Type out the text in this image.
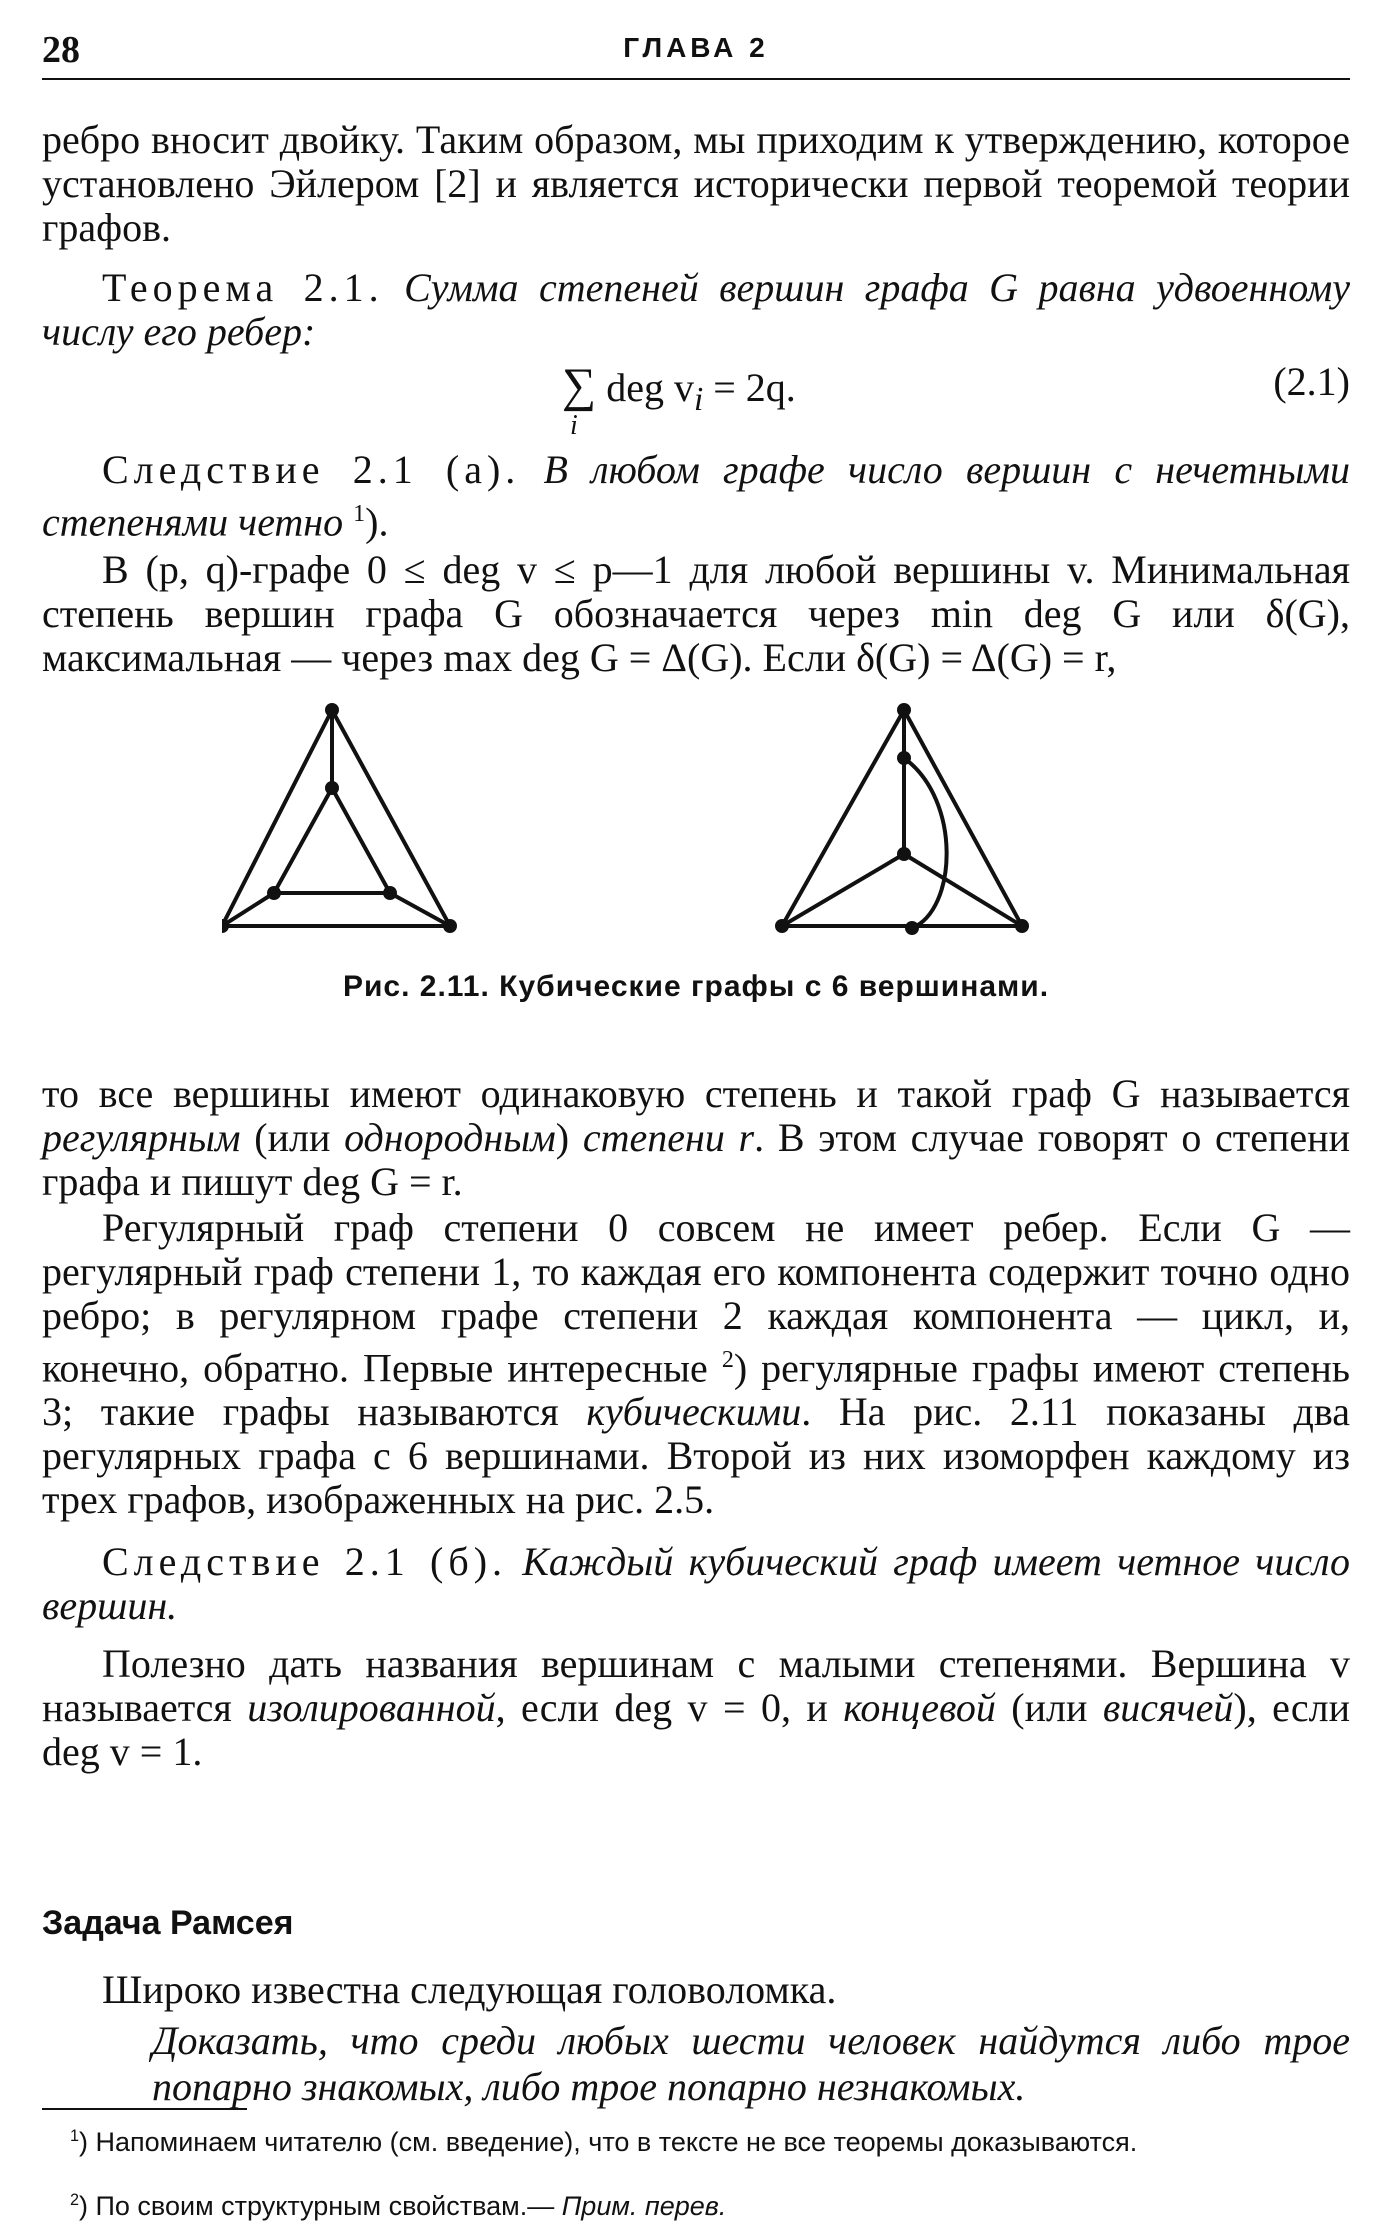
28	ГЛАВА 2
ребро вносит двойку. Таким образом, мы приходим к утверждению, которое установлено Эйлером [2] и является исторически первой теоремой теории графов.
Теорема 2.1. Сумма степеней вершин графа G равна удвоенному числу его ребер:
∑
i
deg $v_i = 2q$.	(2.1)
Следствие 2.1 (а). В любом графе число вершин с нечетными степенями четно $^1$).
В (p, q)-графе 0 ≤ deg v ≤ p—1 для любой вершины v. Минимальная степень вершин графа G обозначается через min deg G или δ(G), максимальная — через max deg G = Δ(G). Если δ(G) = Δ(G) = r,
Рис. 2.11. Кубические графы с 6 вершинами.
то все вершины имеют одинаковую степень и такой граф G называется регулярным (или однородным) степени r. В этом случае говорят о степени графа и пишут deg G = r.
Регулярный граф степени 0 совсем не имеет ребер. Если G — регулярный граф степени 1, то каждая его компонента содержит точно одно ребро; в регулярном графе степени 2 каждая компонента — цикл, и, конечно, обратно. Первые интересные $^2$) регулярные графы имеют степень 3; такие графы называются кубическими. На рис. 2.11 показаны два регулярных графа с 6 вершинами. Второй из них изоморфен каждому из трех графов, изображенных на рис. 2.5.
Следствие 2.1 (б). Каждый кубический граф имеет четное число вершин.
Полезно дать названия вершинам с малыми степенями. Вершина v называется изолированной, если deg v = 0, и концевой (или висячей), если deg v = 1.
Задача Рамсея
Широко известна следующая головоломка.
Доказать, что среди любых шести человек найдутся либо трое попарно знакомых, либо трое попарно незнакомых.
$^1$) Напоминаем читателю (см. введение), что в тексте не все теоремы доказываются.
$^2$) По своим структурным свойствам.— Прим. перев.
